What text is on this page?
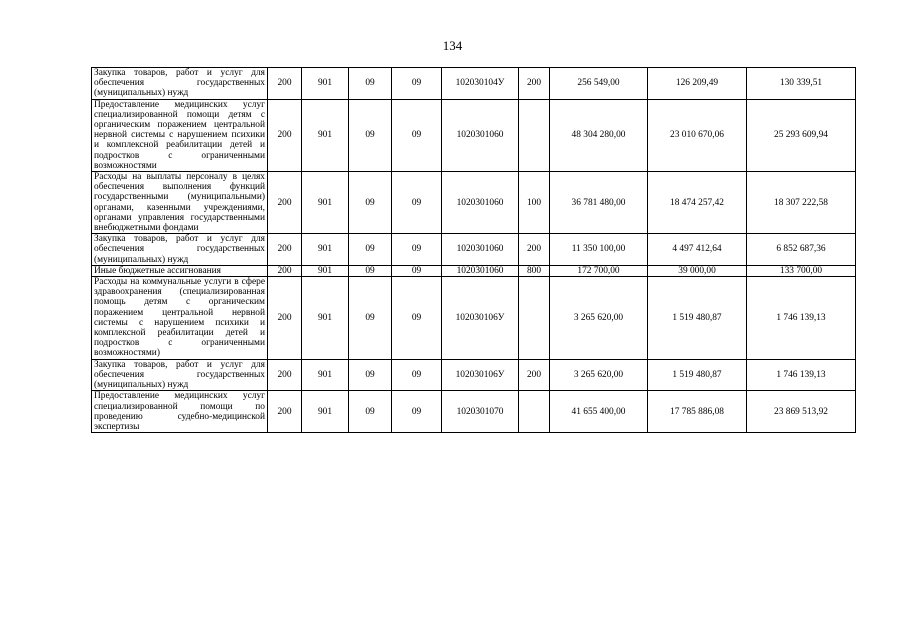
134
Закупка товаров, работ и услуг для обеспечения государственных (муниципальных) нужд	200	901	09	09	102030104У	200	256 549,00	126 209,49	130 339,51
Предоставление медицинских услуг специализированной помощи детям с органическим поражением центральной нервной системы с нарушением психики и комплексной реабилитации детей и подростков с ограниченными возможностями	200	901	09	09	1020301060		48 304 280,00	23 010 670,06	25 293 609,94
Расходы на выплаты персоналу в целях обеспечения выполнения функций государственными (муниципальными) органами, казенными учреждениями, органами управления государственными внебюджетными фондами	200	901	09	09	1020301060	100	36 781 480,00	18 474 257,42	18 307 222,58
Закупка товаров, работ и услуг для обеспечения государственных (муниципальных) нужд	200	901	09	09	1020301060	200	11 350 100,00	4 497 412,64	6 852 687,36
Иные бюджетные ассигнования	200	901	09	09	1020301060	800	172 700,00	39 000,00	133 700,00
Расходы на коммунальные услуги в сфере здравоохранения (специализированная помощь детям с органическим поражением центральной нервной системы с нарушением психики и комплексной реабилитации детей и подростков с ограниченными возможностями)	200	901	09	09	102030106У		3 265 620,00	1 519 480,87	1 746 139,13
Закупка товаров, работ и услуг для обеспечения государственных (муниципальных) нужд	200	901	09	09	102030106У	200	3 265 620,00	1 519 480,87	1 746 139,13
Предоставление медицинских услуг специализированной помощи по проведению судебно-медицинской экспертизы	200	901	09	09	1020301070		41 655 400,00	17 785 886,08	23 869 513,92
